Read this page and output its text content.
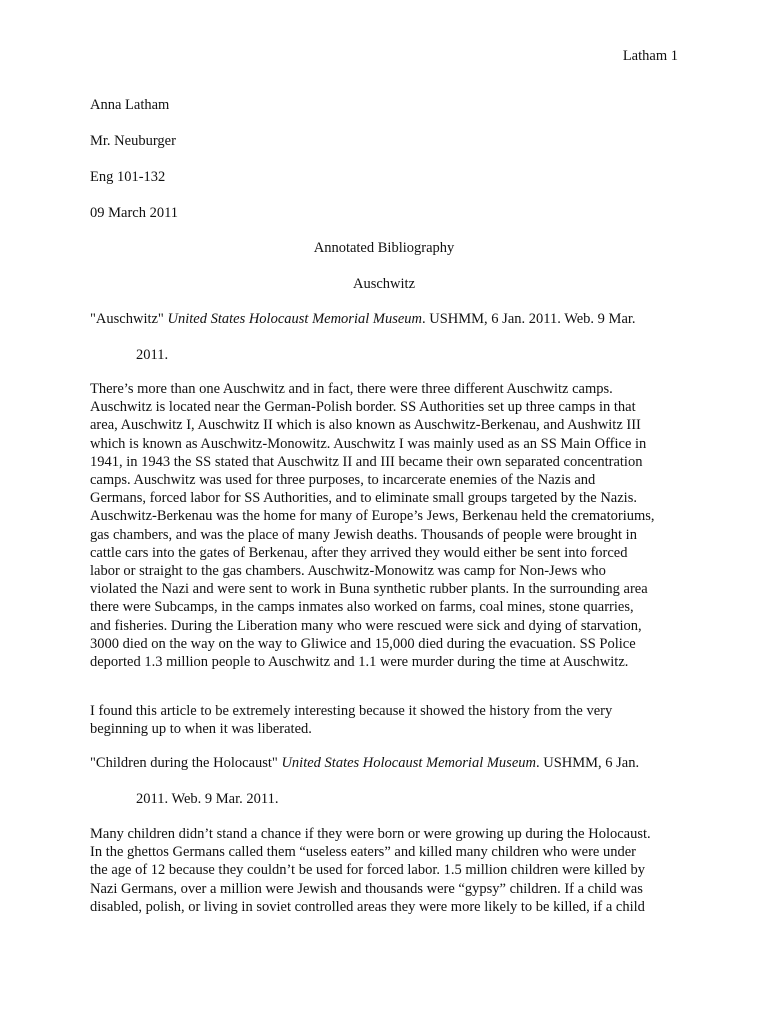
Latham 1
Anna Latham
Mr. Neuburger
Eng 101-132
09 March 2011
Annotated Bibliography
Auschwitz
"Auschwitz" United States Holocaust Memorial Museum. USHMM, 6 Jan. 2011. Web. 9 Mar.
2011.
There’s more than one Auschwitz and in fact, there were three different Auschwitz camps.
Auschwitz is located near the German-Polish border. SS Authorities set up three camps in that
area, Auschwitz I, Auschwitz II which is also known as Auschwitz-Berkenau, and Aushwitz III
which is known as Auschwitz-Monowitz. Auschwitz I was mainly used as an SS Main Office in
1941, in 1943 the SS stated that Auschwitz II and III became their own separated concentration
camps. Auschwitz was used for three purposes, to incarcerate enemies of the Nazis and
Germans, forced labor for SS Authorities, and to eliminate small groups targeted by the Nazis.
Auschwitz-Berkenau was the home for many of Europe’s Jews, Berkenau held the crematoriums,
gas chambers, and was the place of many Jewish deaths. Thousands of people were brought in
cattle cars into the gates of Berkenau, after they arrived they would either be sent into forced
labor or straight to the gas chambers. Auschwitz-Monowitz was camp for Non-Jews who
violated the Nazi and were sent to work in Buna synthetic rubber plants. In the surrounding area
there were Subcamps, in the camps inmates also worked on farms, coal mines, stone quarries,
and fisheries. During the Liberation many who were rescued were sick and dying of starvation,
3000 died on the way on the way to Gliwice and 15,000 died during the evacuation. SS Police
deported 1.3 million people to Auschwitz and 1.1 were murder during the time at Auschwitz.
I found this article to be extremely interesting because it showed the history from the very
beginning up to when it was liberated.
"Children during the Holocaust" United States Holocaust Memorial Museum. USHMM, 6 Jan.
2011. Web. 9 Mar. 2011.
Many children didn’t stand a chance if they were born or were growing up during the Holocaust.
In the ghettos Germans called them “useless eaters” and killed many children who were under
the age of 12 because they couldn’t be used for forced labor. 1.5 million children were killed by
Nazi Germans, over a million were Jewish and thousands were “gypsy” children. If a child was
disabled, polish, or living in soviet controlled areas they were more likely to be killed, if a child
